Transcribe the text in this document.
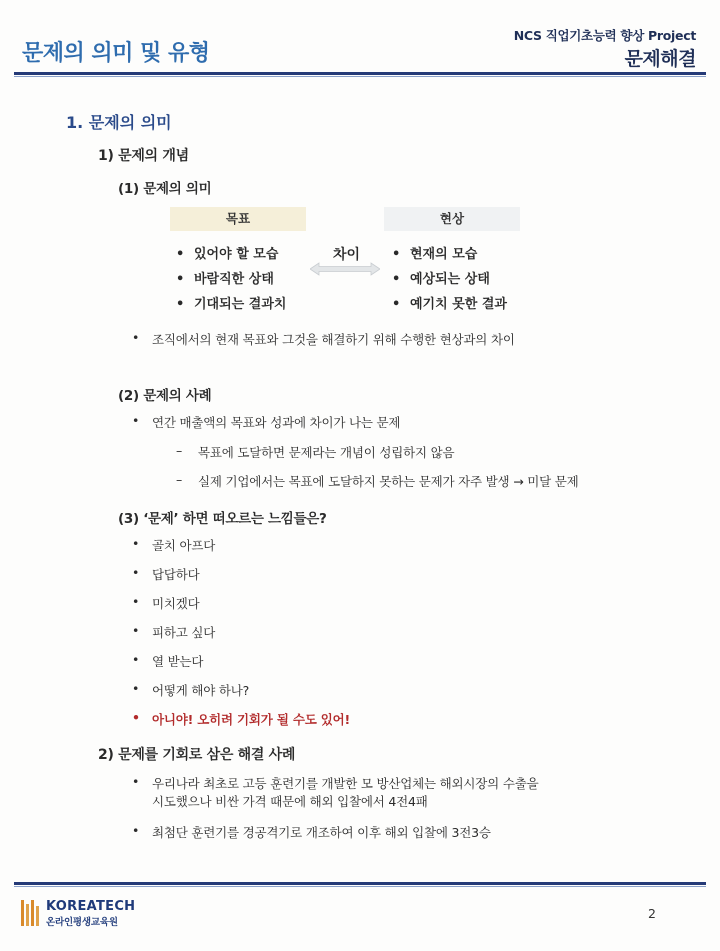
문제의 의미 및 유형
NCS 직업기초능력 향상 Project
문제해결
1. 문제의 의미
1) 문제의 개념
(1) 문제의 의미
목표
• 있어야 할 모습
• 바람직한 상태
• 기대되는 결과치
차이
현상
• 현재의 모습
• 예상되는 상태
• 예기치 못한 결과
• 조직에서의 현재 목표와 그것을 해결하기 위해 수행한 현상과의 차이
(2) 문제의 사례
• 연간 매출액의 목표와 성과에 차이가 나는 문제
– 목표에 도달하면 문제라는 개념이 성립하지 않음
– 실제 기업에서는 목표에 도달하지 못하는 문제가 자주 발생 → 미달 문제
(3) ‘문제’ 하면 떠오르는 느낌들은?
• 골치 아프다
• 답답하다
• 미치겠다
• 피하고 싶다
• 열 받는다
• 어떻게 해야 하나?
• 아니야! 오히려 기회가 될 수도 있어!
2) 문제를 기회로 삼은 해결 사례
• 우리나라 최초로 고등 훈련기를 개발한 모 방산업체는 해외시장의 수출을
시도했으나 비싼 가격 때문에 해외 입찰에서 4전4패
• 최첨단 훈련기를 경공격기로 개조하여 이후 해외 입찰에 3전3승
KOREATECH
온라인평생교육원
2
